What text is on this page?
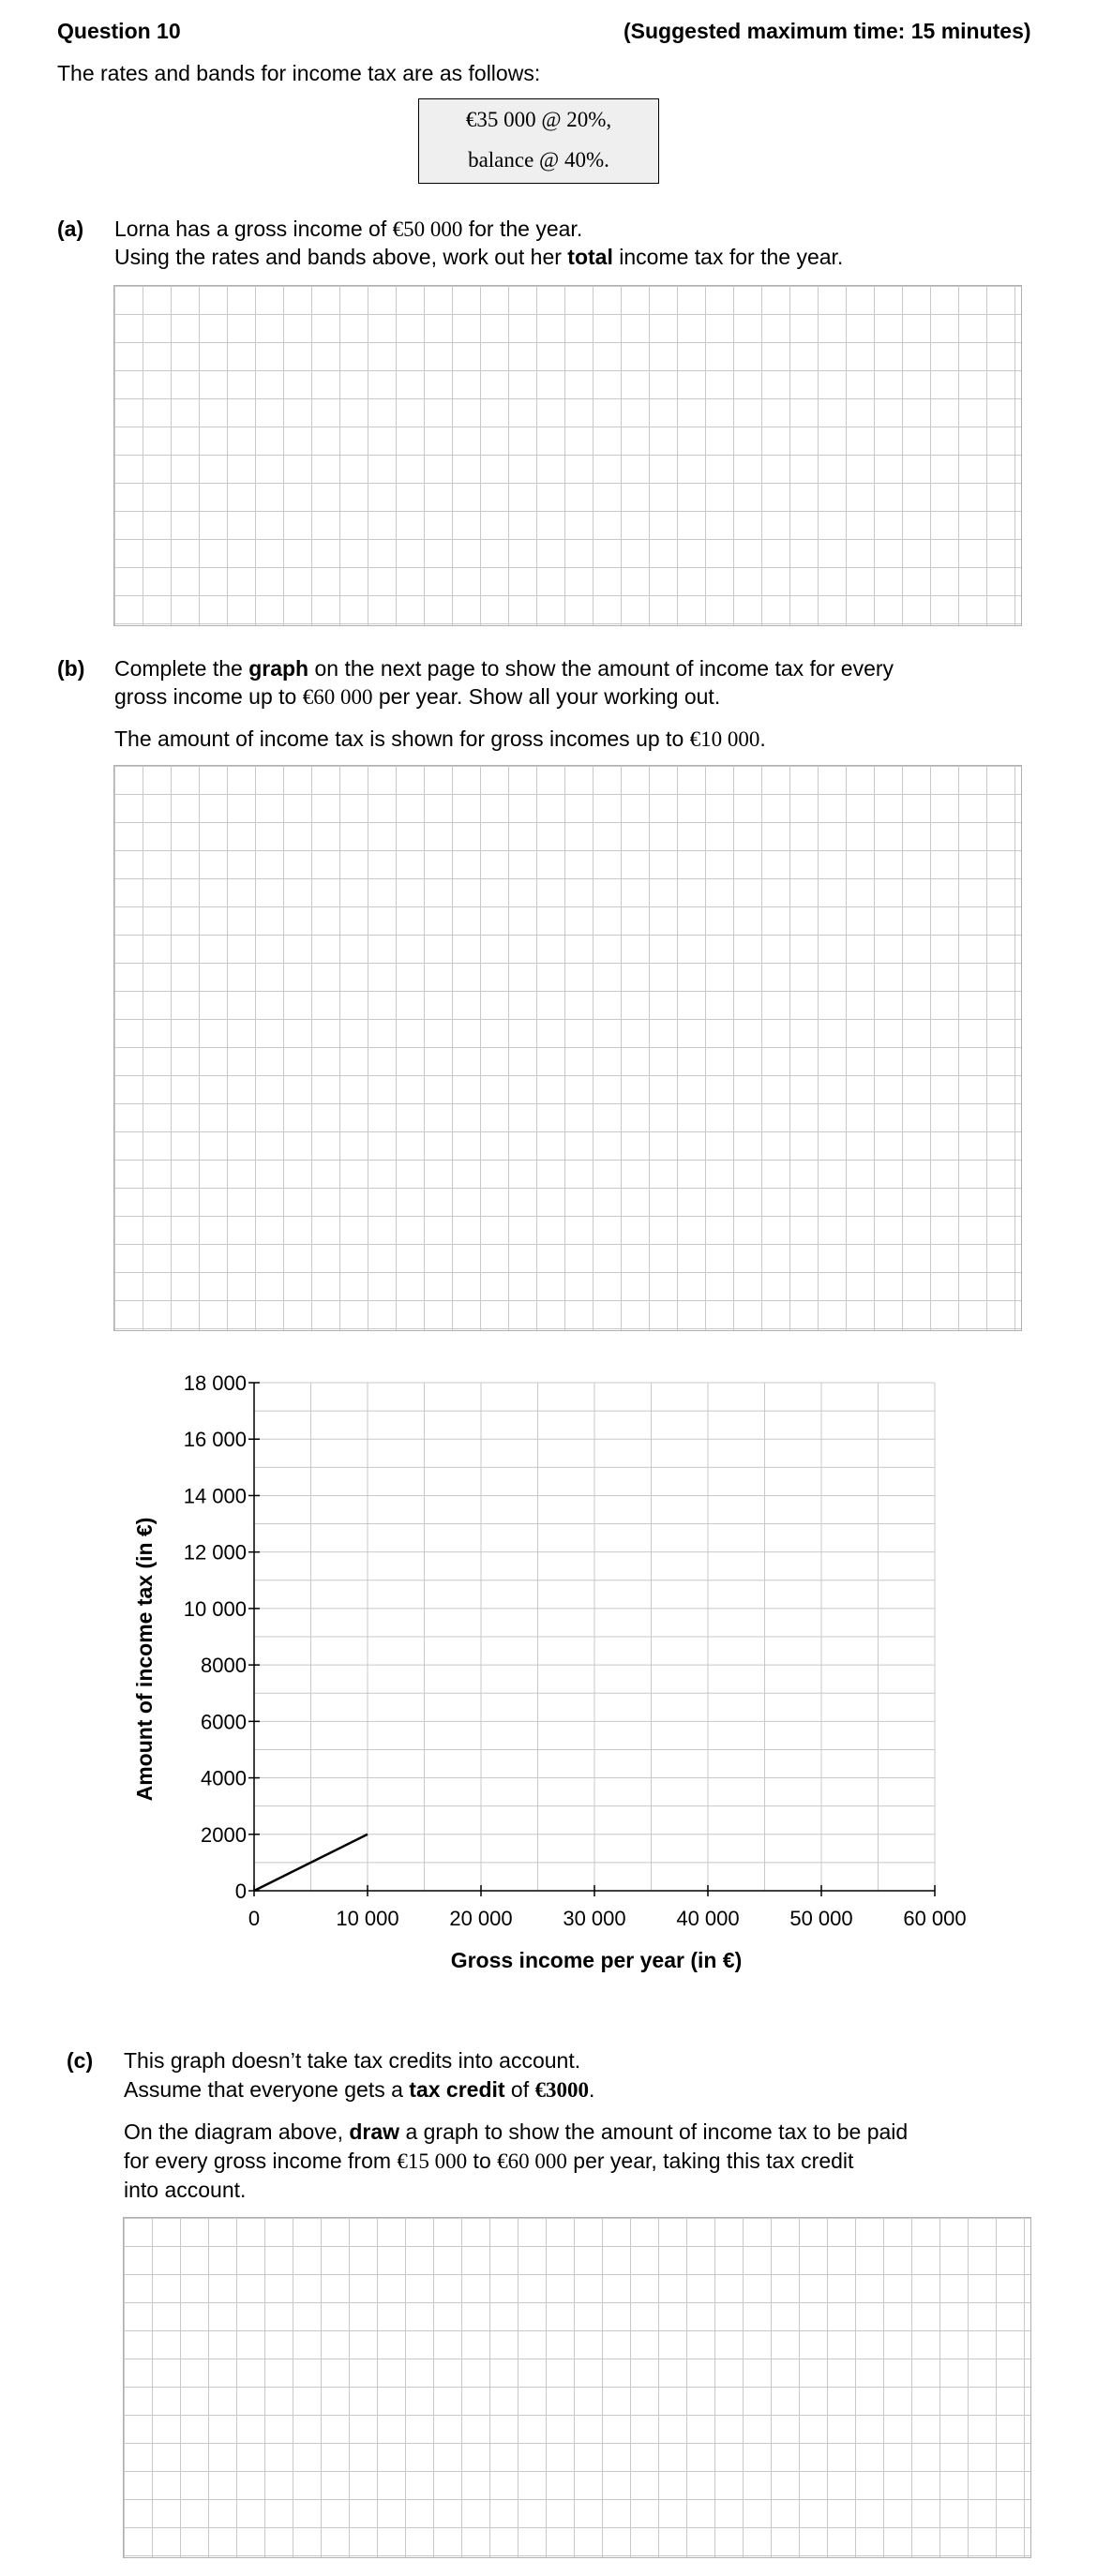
Question 10	(Suggested maximum time: 15 minutes)
The rates and bands for income tax are as follows:
€35 000 @ 20%,
balance @ 40%.
(a) Lorna has a gross income of €50 000 for the year.
Using the rates and bands above, work out her total income tax for the year.
(b) Complete the graph on the next page to show the amount of income tax for every
gross income up to €60 000 per year. Show all your working out.
The amount of income tax is shown for gross incomes up to €10 000.
0	10 000 20 000 30 000 40 000 50 000 60 000
0
2000
4000
6000
8000
10 000
12 000
14 000
16 000
18 000
Gross income per year (in €)
Amount of income tax (in €)
(c) This graph doesn’t take tax credits into account.
Assume that everyone gets a tax credit of €3000.
On the diagram above, draw a graph to show the amount of income tax to be paid
for every gross income from €15 000 to €60 000 per year, taking this tax credit
into account.
